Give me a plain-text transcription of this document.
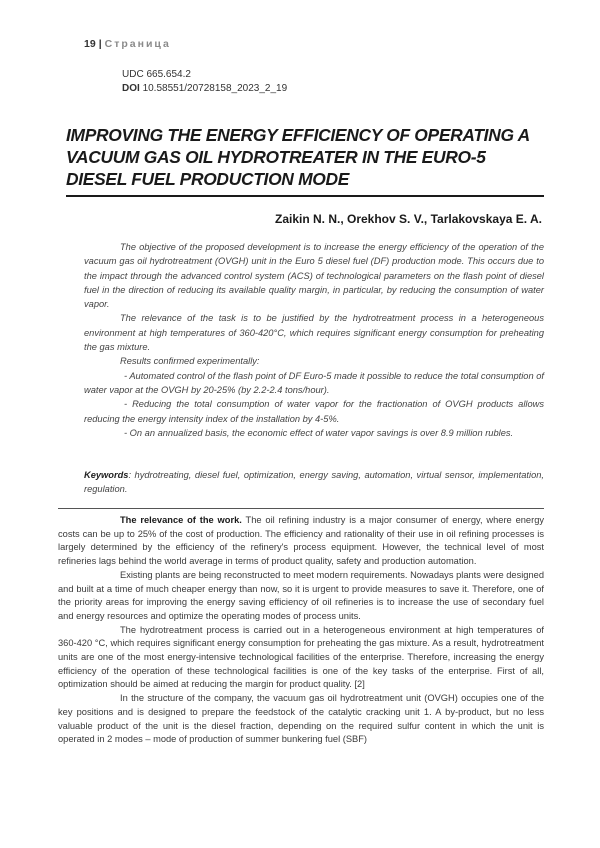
19 | Страница
UDC 665.654.2
DOI 10.58551/20728158_2023_2_19
IMPROVING THE ENERGY EFFICIENCY OF OPERATING A VACUUM GAS OIL HYDROTREATER IN THE EURO-5 DIESEL FUEL PRODUCTION MODE
Zaikin N. N., Orekhov S. V., Tarlakovskaya E. A.

The objective of the proposed development is to increase the energy efficiency of the operation of the vacuum gas oil hydrotreatment (OVGH) unit in the Euro 5 diesel fuel (DF) production mode. This occurs due to the impact through the advanced control system (ACS) of technological parameters on the flash point of diesel fuel in the direction of reducing its available quality margin, in particular, by reducing the consumption of water vapor.

The relevance of the task is to be justified by the hydrotreatment process in a heterogeneous environment at high temperatures of 360-420°C, which requires significant energy consumption for preheating the gas mixture.

Results confirmed experimentally:

- Automated control of the flash point of DF Euro-5 made it possible to reduce the total consumption of water vapor at the OVGH by 20-25% (by 2.2-2.4 tons/hour).

- Reducing the total consumption of water vapor for the fractionation of OVGH products allows reducing the energy intensity index of the installation by 4-5%.

- On an annualized basis, the economic effect of water vapor savings is over 8.9 million rubles.

Keywords: hydrotreating, diesel fuel, optimization, energy saving, automation, virtual sensor, implementation, regulation.

The relevance of the work. The oil refining industry is a major consumer of energy, where energy costs can be up to 25% of the cost of production. The efficiency and rationality of their use in oil refining processes is largely determined by the efficiency of the refinery's process equipment. However, the technical level of most refineries lags behind the world average in terms of product quality, safety and production automation.

Existing plants are being reconstructed to meet modern requirements. Nowadays plants were designed and built at a time of much cheaper energy than now, so it is urgent to provide measures to save it. Therefore, one of the priority areas for improving the energy saving efficiency of oil refineries is to increase the use of secondary fuel and energy resources and optimize the operating modes of process units.

The hydrotreatment process is carried out in a heterogeneous environment at high temperatures of 360-420 °C, which requires significant energy consumption for preheating the gas mixture. As a result, hydrotreatment units are one of the most energy-intensive technological facilities of the enterprise. Therefore, increasing the energy efficiency of the operation of these technological facilities is one of the key tasks of the enterprise. First of all, optimization should be aimed at reducing the margin for product quality. [2]

In the structure of the company, the vacuum gas oil hydrotreatment unit (OVGH) occupies one of the key positions and is designed to prepare the feedstock of the catalytic cracking unit 1. A by-product, but no less valuable product of the unit is the diesel fraction, depending on the required sulfur content in which the unit is operated in 2 modes – mode of production of summer bunkering fuel (SBF)
